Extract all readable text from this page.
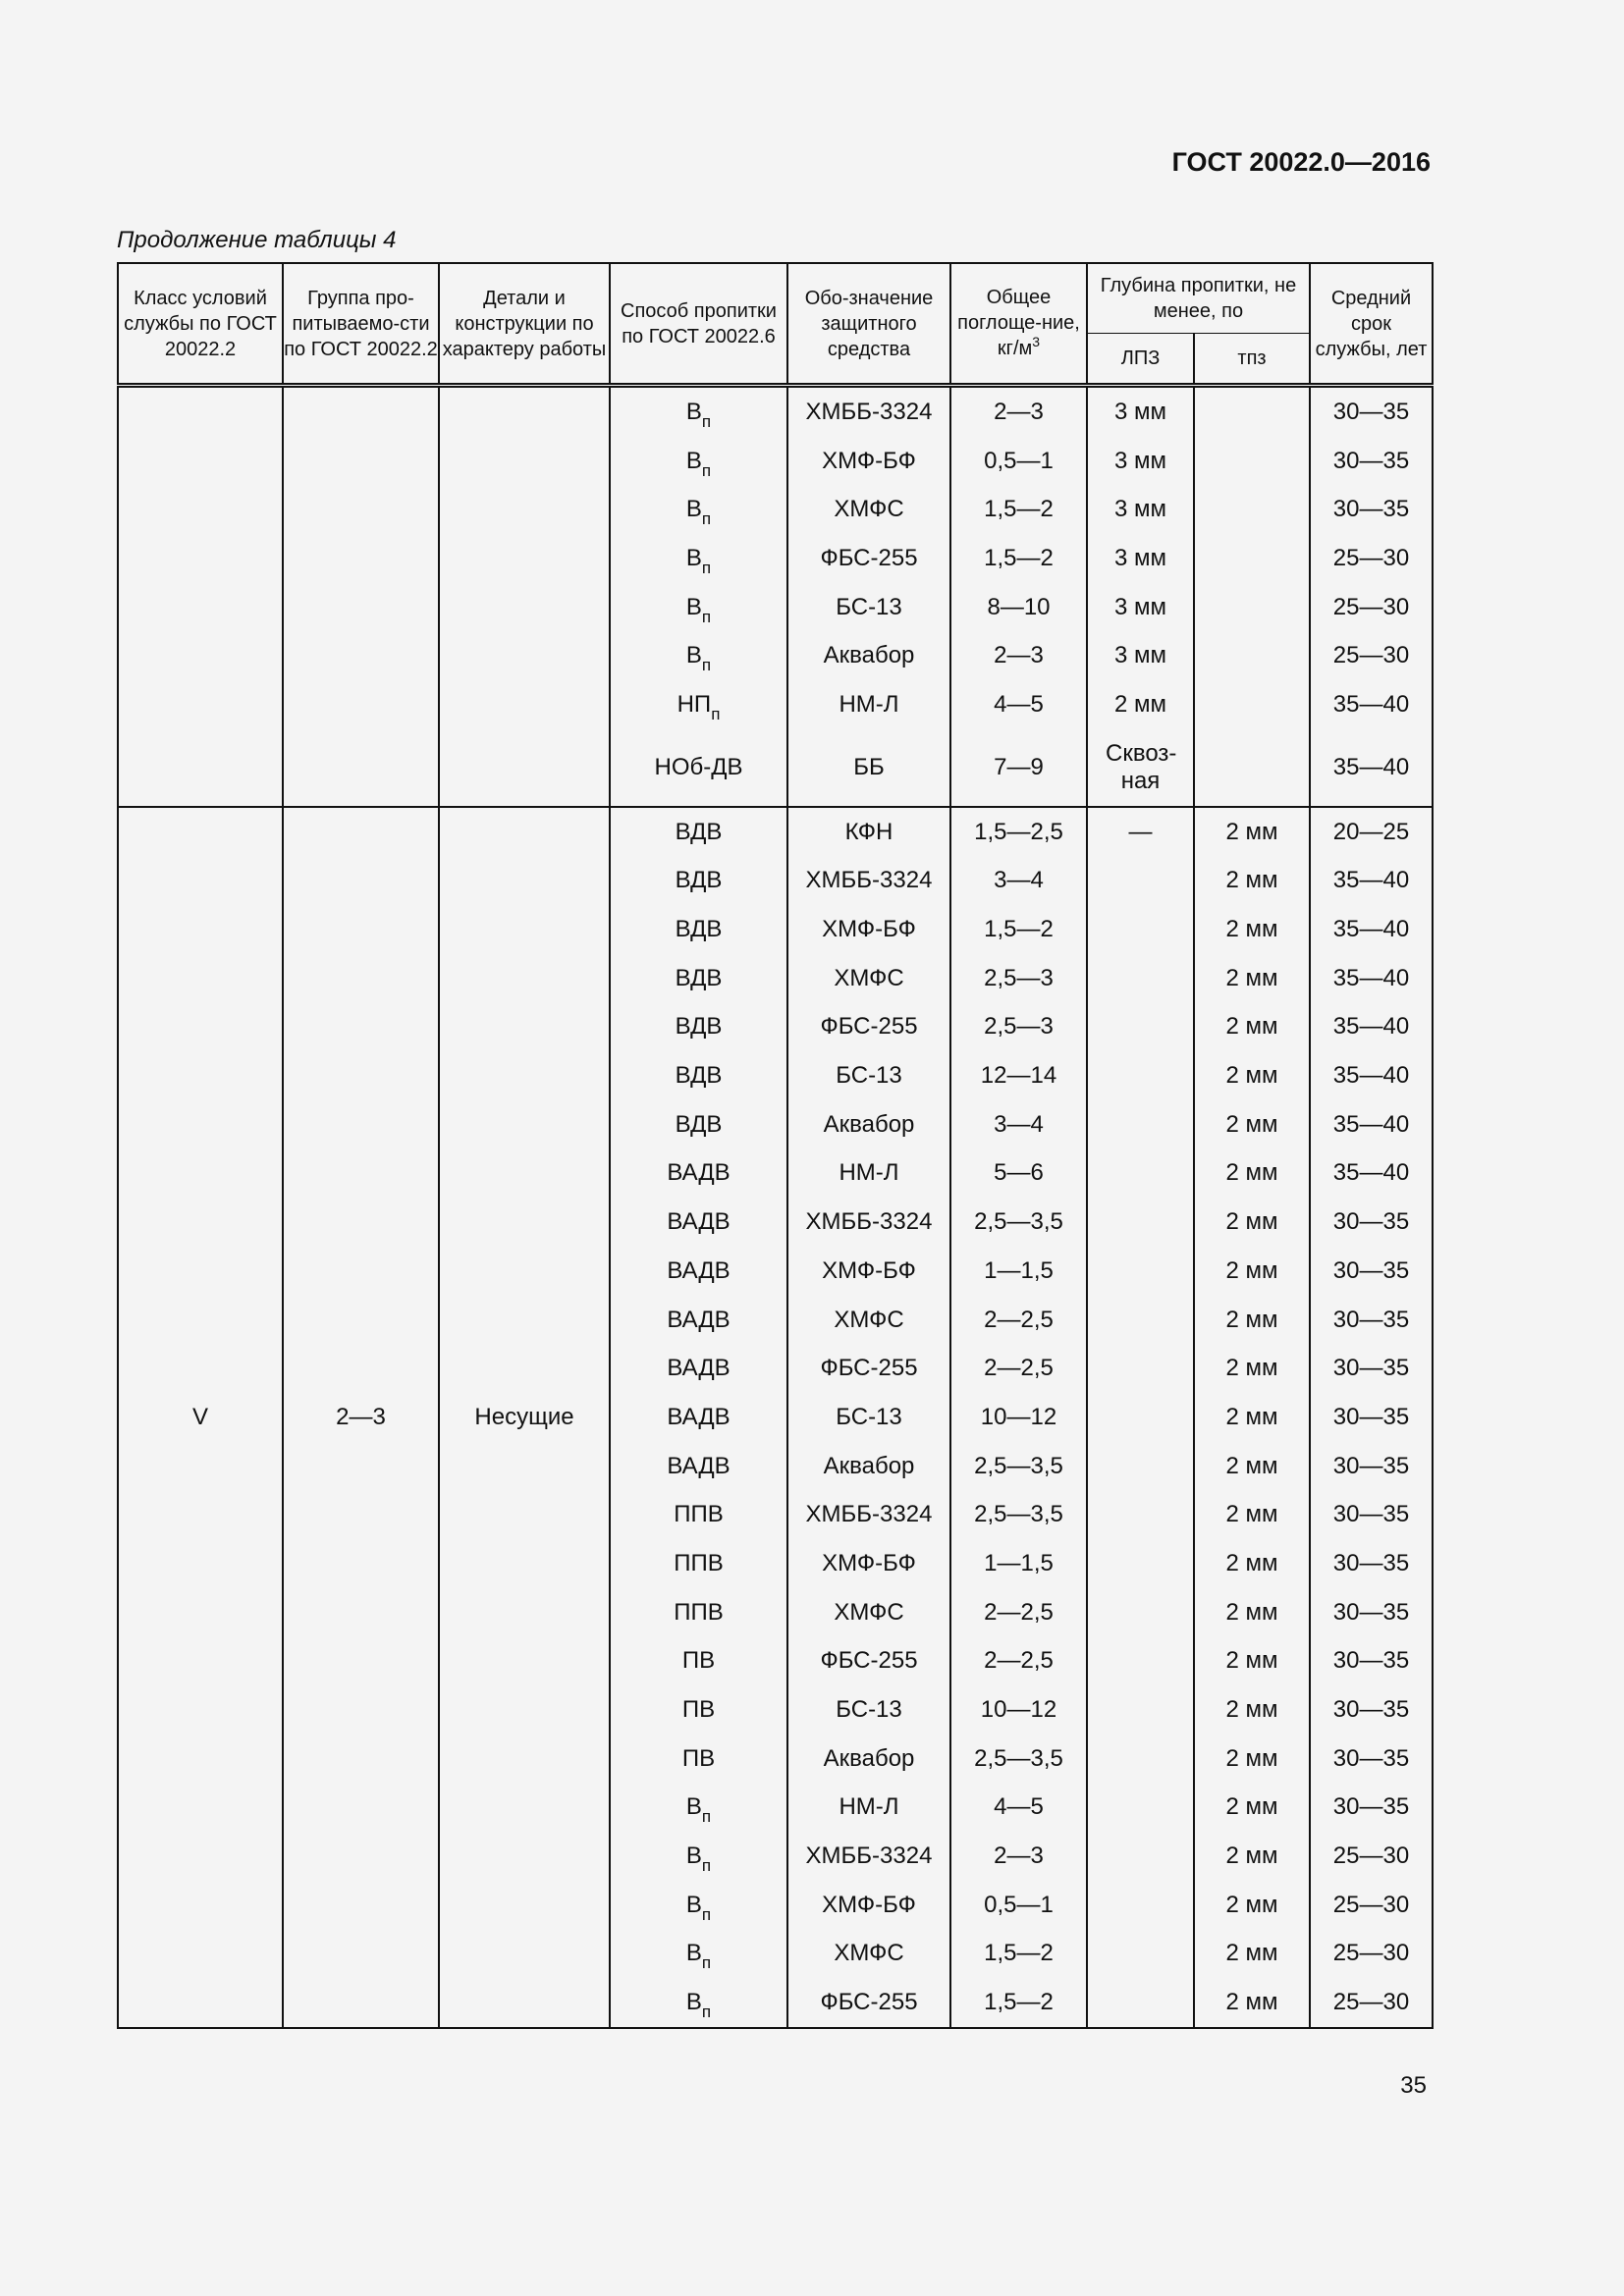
ГОСТ 20022.0—2016
Продолжение таблицы 4
Класс условий службы по ГОСТ 20022.2	Группа про-питываемо-сти по ГОСТ 20022.2	Детали и конструкции по характеру работы	Способ пропитки по ГОСТ 20022.6	Обо-значение защитного средства	Общее поглоще-ние, $кг/м^3$	Глубина пропитки, не менее, по		Средний срок службы, лет
						ЛПЗ	тпз	
			$В_п$	ХМББ-3324	2—3	3 мм		30—35
			$В_п$	ХМФ-БФ	0,5—1	3 мм		30—35
			$В_п$	ХМФС	1,5—2	3 мм		30—35
			$В_п$	ФБС-255	1,5—2	3 мм		25—30
			$В_п$	БС-13	8—10	3 мм		25—30
			$В_п$	Аквабор	2—3	3 мм		25—30
			$НП_п$	НМ-Л	4—5	2 мм		35—40
			НОб-ДВ	ББ	7—9	Сквоз-ная		35—40
V	2—3	Несущие	ВДВ	КФН	1,5—2,5	—	2 мм	20—25
			ВДВ	ХМББ-3324	3—4		2 мм	35—40
			ВДВ	ХМФ-БФ	1,5—2		2 мм	35—40
			ВДВ	ХМФС	2,5—3		2 мм	35—40
			ВДВ	ФБС-255	2,5—3		2 мм	35—40
			ВДВ	БС-13	12—14		2 мм	35—40
			ВДВ	Аквабор	3—4		2 мм	35—40
			ВАДВ	НМ-Л	5—6		2 мм	35—40
			ВАДВ	ХМББ-3324	2,5—3,5		2 мм	30—35
			ВАДВ	ХМФ-БФ	1—1,5		2 мм	30—35
			ВАДВ	ХМФС	2—2,5		2 мм	30—35
			ВАДВ	ФБС-255	2—2,5		2 мм	30—35
			ВАДВ	БС-13	10—12		2 мм	30—35
			ВАДВ	Аквабор	2,5—3,5		2 мм	30—35
			ППВ	ХМББ-3324	2,5—3,5		2 мм	30—35
			ППВ	ХМФ-БФ	1—1,5		2 мм	30—35
			ППВ	ХМФС	2—2,5		2 мм	30—35
			ПВ	ФБС-255	2—2,5		2 мм	30—35
			ПВ	БС-13	10—12		2 мм	30—35
			ПВ	Аквабор	2,5—3,5		2 мм	30—35
			$В_п$	НМ-Л	4—5		2 мм	30—35
			$В_п$	ХМББ-3324	2—3		2 мм	25—30
			$В_п$	ХМФ-БФ	0,5—1		2 мм	25—30
			$В_п$	ХМФС	1,5—2		2 мм	25—30
			$В_п$	ФБС-255	1,5—2		2 мм	25—30
35
